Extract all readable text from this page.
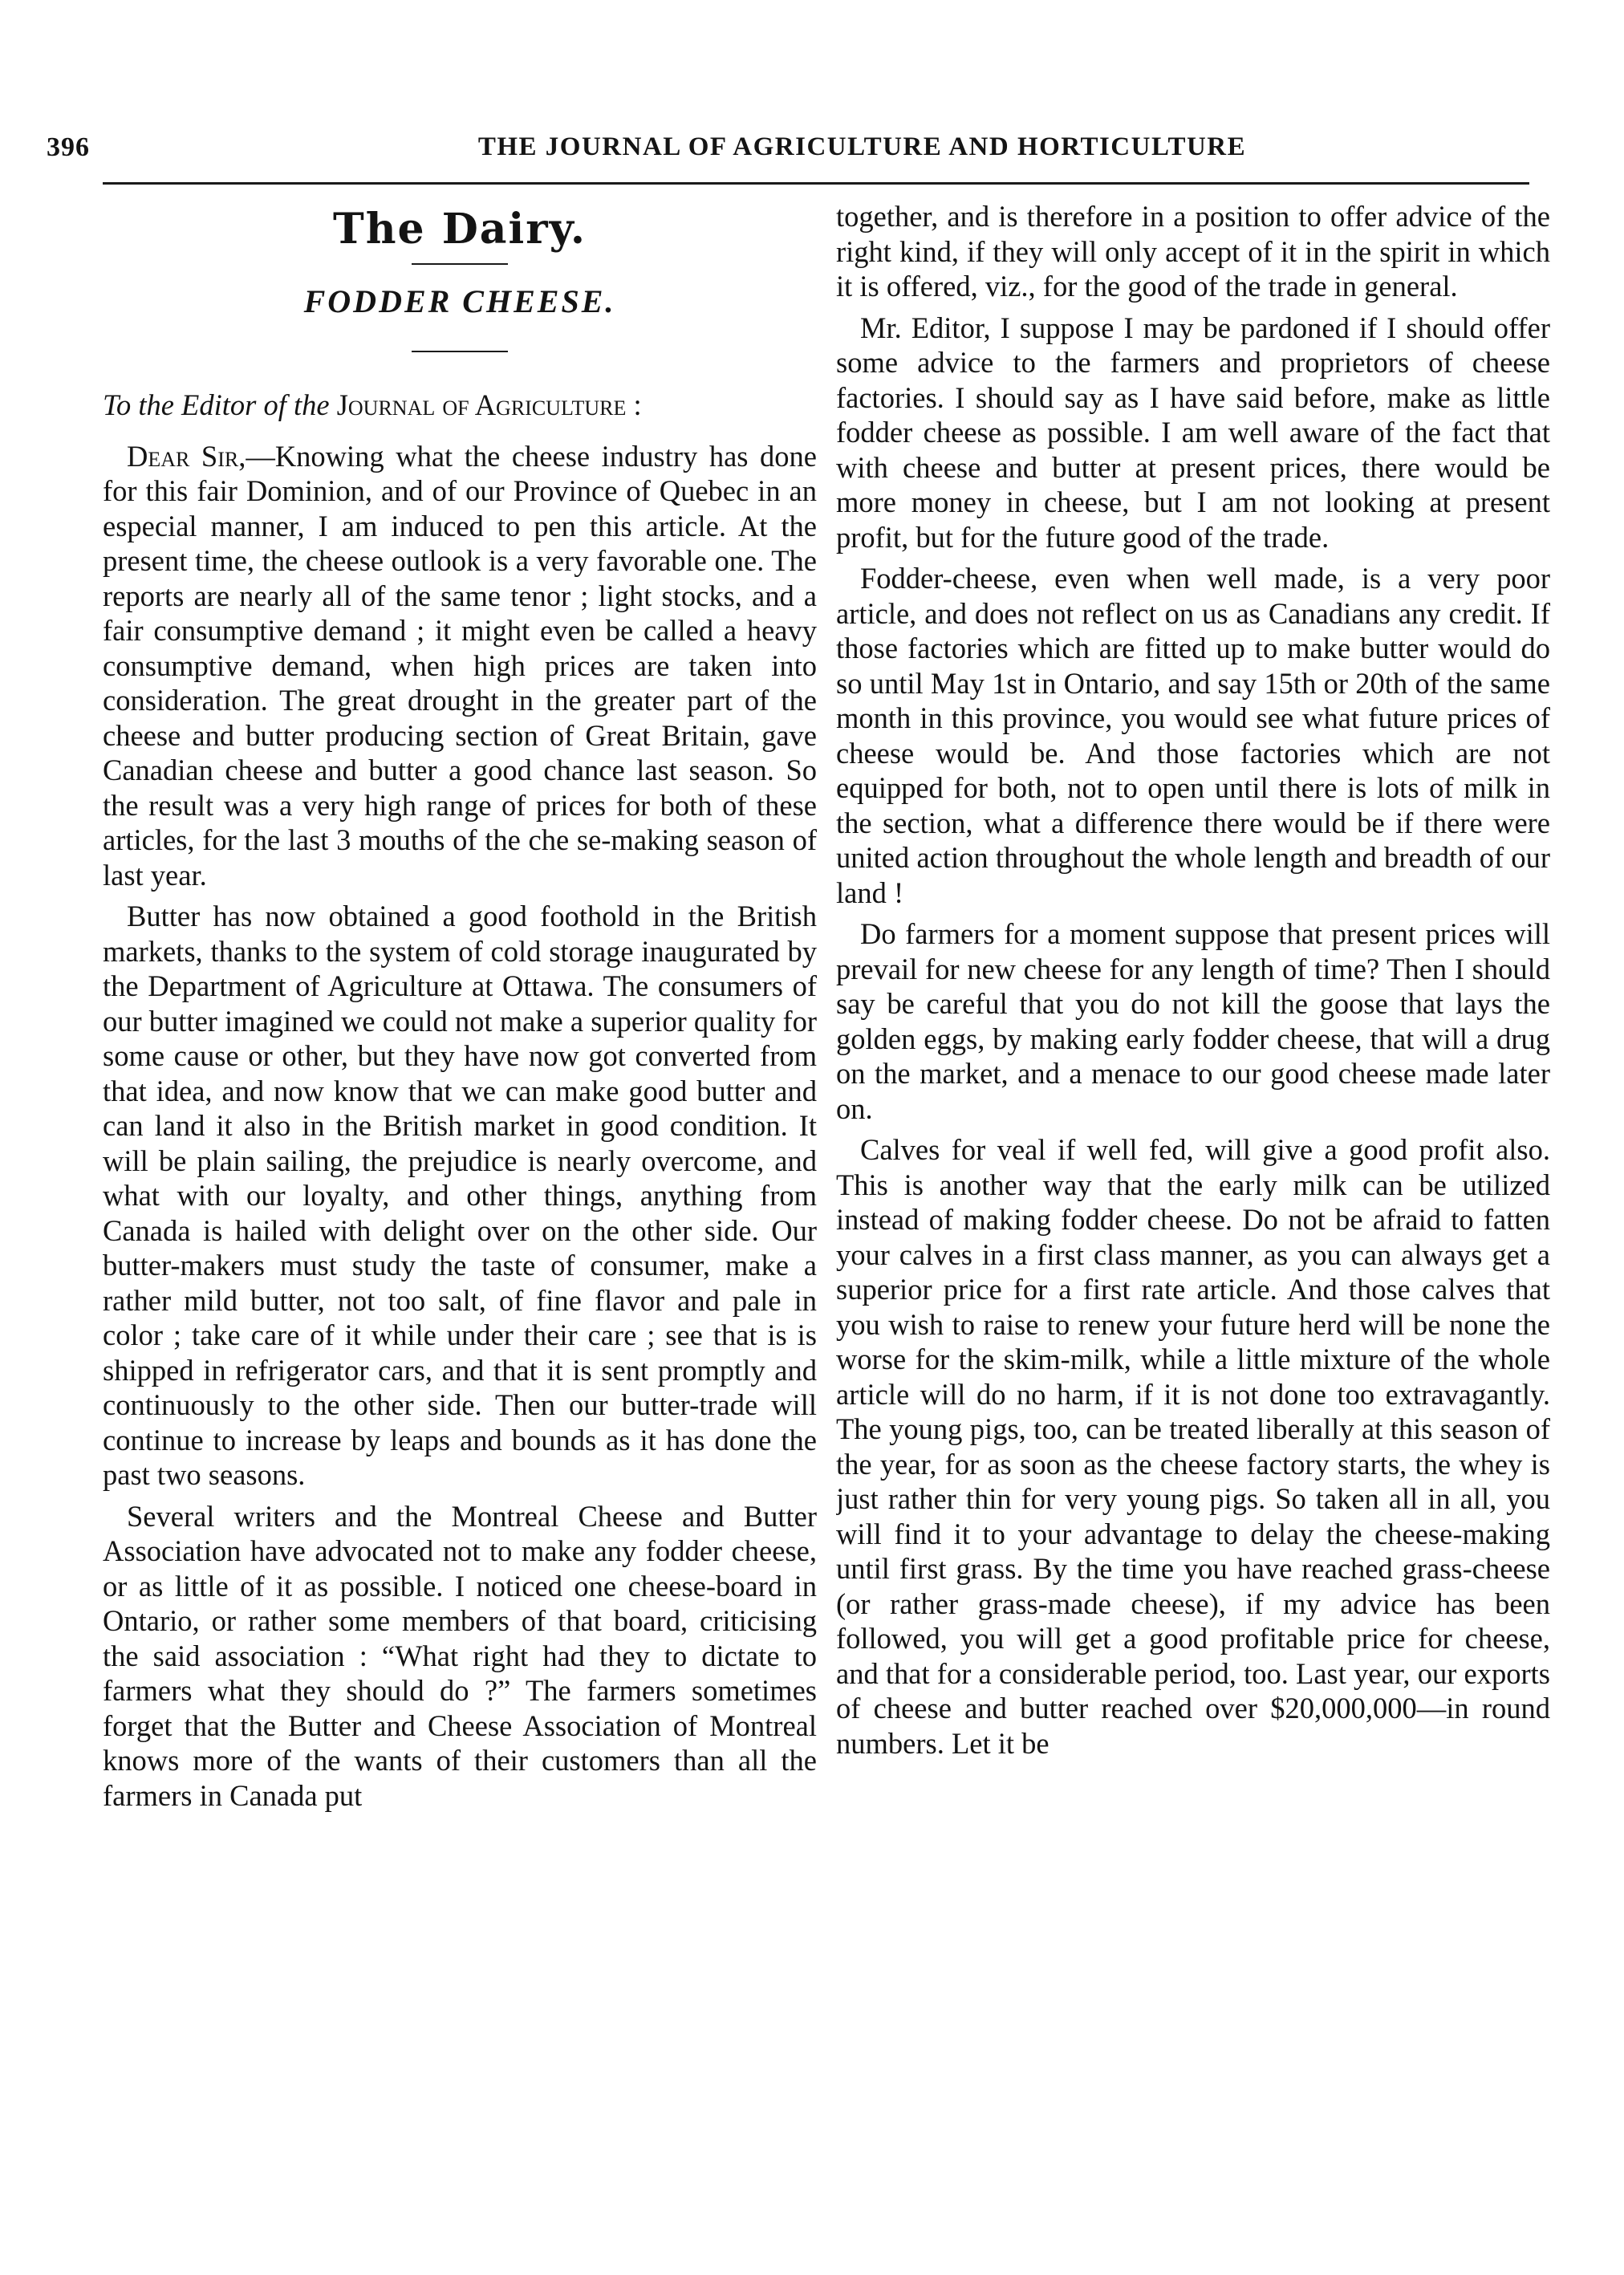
396	THE JOURNAL OF AGRICULTURE AND HORTICULTURE
The Dairy.
FODDER CHEESE.

To the Editor of the Journal of Agriculture :

Dear Sir,—Knowing what the cheese industry has done for this fair Dominion, and of our Province of Quebec in an especial manner, I am induced to pen this article. At the present time, the cheese outlook is a very favorable one. The reports are nearly all of the same tenor ; light stocks, and a fair consumptive demand ; it might even be called a heavy consumptive demand, when high prices are taken into consideration. The great drought in the greater part of the cheese and butter producing section of Great Britain, gave Canadian cheese and butter a good chance last season. So the result was a very high range of prices for both of these articles, for the last 3 mouths of the che se-making season of last year.

Butter has now obtained a good foothold in the British markets, thanks to the system of cold storage inaugurated by the Department of Agriculture at Ottawa. The consumers of our butter imagined we could not make a superior quality for some cause or other, but they have now got converted from that idea, and now know that we can make good butter and can land it also in the British market in good condition. It will be plain sailing, the prejudice is nearly overcome, and what with our loyalty, and other things, anything from Canada is hailed with delight over on the other side. Our butter-makers must study the taste of consumer, make a rather mild butter, not too salt, of fine flavor and pale in color ; take care of it while under their care ; see that is is shipped in refrigerator cars, and that it is sent promptly and continuously to the other side. Then our butter-trade will continue to increase by leaps and bounds as it has done the past two seasons.

Several writers and the Montreal Cheese and Butter Association have advocated not to make any fodder cheese, or as little of it as possible. I noticed one cheese-board in Ontario, or rather some members of that board, criticising the said association : “What right had they to dictate to farmers what they should do ?” The farmers sometimes forget that the Butter and Cheese Association of Montreal knows more of the wants of their customers than all the farmers in Canada put

together, and is therefore in a position to offer advice of the right kind, if they will only accept of it in the spirit in which it is offered, viz., for the good of the trade in general.

Mr. Editor, I suppose I may be pardoned if I should offer some advice to the farmers and proprietors of cheese factories. I should say as I have said before, make as little fodder cheese as possible. I am well aware of the fact that with cheese and butter at present prices, there would be more money in cheese, but I am not looking at present profit, but for the future good of the trade.

Fodder-cheese, even when well made, is a very poor article, and does not reflect on us as Canadians any credit. If those factories which are fitted up to make butter would do so until May 1st in Ontario, and say 15th or 20th of the same month in this province, you would see what future prices of cheese would be. And those factories which are not equipped for both, not to open until there is lots of milk in the section, what a difference there would be if there were united action throughout the whole length and breadth of our land !

Do farmers for a moment suppose that present prices will prevail for new cheese for any length of time? Then I should say be careful that you do not kill the goose that lays the golden eggs, by making early fodder cheese, that will a drug on the market, and a menace to our good cheese made later on.

Calves for veal if well fed, will give a good profit also. This is another way that the early milk can be utilized instead of making fodder cheese. Do not be afraid to fatten your calves in a first class manner, as you can always get a superior price for a first rate article. And those calves that you wish to raise to renew your future herd will be none the worse for the skim-milk, while a little mixture of the whole article will do no harm, if it is not done too extravagantly. The young pigs, too, can be treated liberally at this season of the year, for as soon as the cheese factory starts, the whey is just rather thin for very young pigs. So taken all in all, you will find it to your advantage to delay the cheese-making until first grass. By the time you have reached grass-cheese (or rather grass-made cheese), if my advice has been followed, you will get a good profitable price for cheese, and that for a considerable period, too. Last year, our exports of cheese and butter reached over $20,000,000—in round numbers. Let it be
